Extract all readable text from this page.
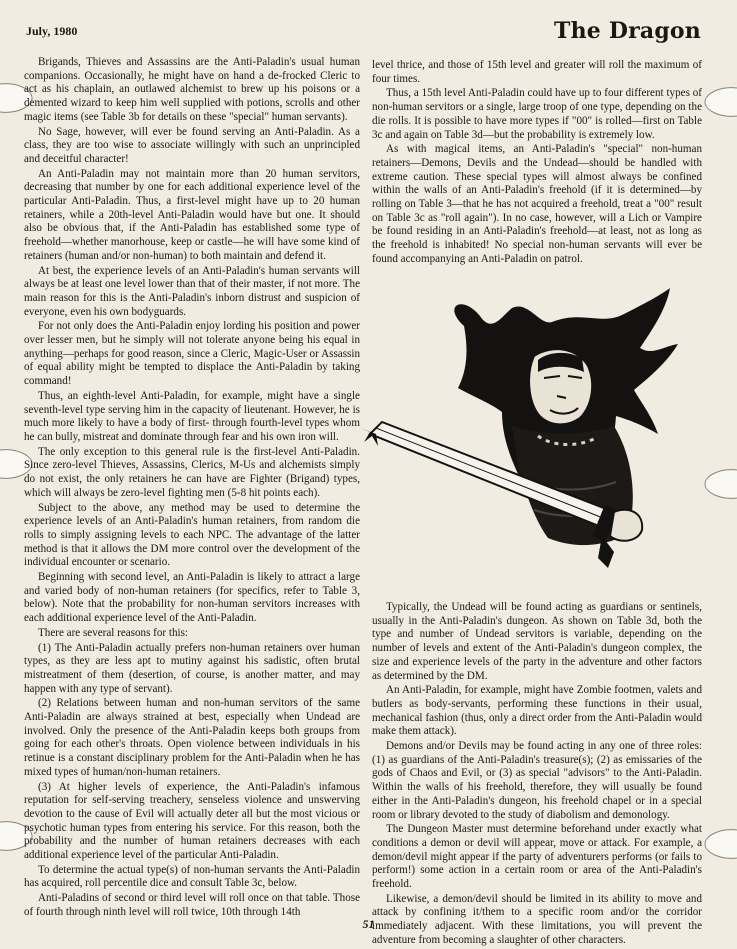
July, 1980	The Dragon

Brigands, Thieves and Assassins are the Anti-Paladin's usual human companions. Occasionally, he might have on hand a de-frocked Cleric to act as his chaplain, an outlawed alchemist to brew up his poisons or a demented wizard to keep him well supplied with potions, scrolls and other magic items (see Table 3b for details on these "special" human servants).

No Sage, however, will ever be found serving an Anti-Paladin. As a class, they are too wise to associate willingly with such an unprincipled and deceitful character!

An Anti-Paladin may not maintain more than 20 human servitors, decreasing that number by one for each additional experience level of the particular Anti-Paladin. Thus, a first-level might have up to 20 human retainers, while a 20th-level Anti-Paladin would have but one. It should also be obvious that, if the Anti-Paladin has established some type of freehold—whether manorhouse, keep or castle—he will have some kind of retainers (human and/or non-human) to both maintain and defend it.

At best, the experience levels of an Anti-Paladin's human servants will always be at least one level lower than that of their master, if not more. The main reason for this is the Anti-Paladin's inborn distrust and suspicion of everyone, even his own bodyguards.

For not only does the Anti-Paladin enjoy lording his position and power over lesser men, but he simply will not tolerate anyone being his equal in anything—perhaps for good reason, since a Cleric, Magic-User or Assassin of equal ability might be tempted to displace the Anti-Paladin by taking command!

Thus, an eighth-level Anti-Paladin, for example, might have a single seventh-level type serving him in the capacity of lieutenant. However, he is much more likely to have a body of first- through fourth-level types whom he can bully, mistreat and dominate through fear and his own iron will.

The only exception to this general rule is the first-level Anti-Paladin. Since zero-level Thieves, Assassins, Clerics, M-Us and alchemists simply do not exist, the only retainers he can have are Fighter (Brigand) types, which will always be zero-level fighting men (5-8 hit points each).

Subject to the above, any method may be used to determine the experience levels of an Anti-Paladin's human retainers, from random die rolls to simply assigning levels to each NPC. The advantage of the latter method is that it allows the DM more control over the development of the individual encounter or scenario.

Beginning with second level, an Anti-Paladin is likely to attract a large and varied body of non-human retainers (for specifics, refer to Table 3, below). Note that the probability for non-human servitors increases with each additional experience level of the Anti-Paladin.

There are several reasons for this:

(1) The Anti-Paladin actually prefers non-human retainers over human types, as they are less apt to mutiny against his sadistic, often brutal mistreatment of them (desertion, of course, is another matter, and may happen with any type of servant).

(2) Relations between human and non-human servitors of the same Anti-Paladin are always strained at best, especially when Undead are involved. Only the presence of the Anti-Paladin keeps both groups from going for each other's throats. Open violence between individuals in his retinue is a constant disciplinary problem for the Anti-Paladin when he has mixed types of human/non-human retainers.

(3) At higher levels of experience, the Anti-Paladin's infamous reputation for self-serving treachery, senseless violence and unswerving devotion to the cause of Evil will actually deter all but the most vicious or psychotic human types from entering his service. For this reason, both the probability and the number of human retainers decreases with each additional experience level of the particular Anti-Paladin.

To determine the actual type(s) of non-human servants the Anti-Paladin has acquired, roll percentile dice and consult Table 3c, below.

Anti-Paladins of second or third level will roll once on that table. Those of fourth through ninth level will roll twice, 10th through 14th

level thrice, and those of 15th level and greater will roll the maximum of four times.

Thus, a 15th level Anti-Paladin could have up to four different types of non-human servitors or a single, large troop of one type, depending on the die rolls. It is possible to have more types if "00" is rolled—first on Table 3c and again on Table 3d—but the probability is extremely low.

As with magical items, an Anti-Paladin's "special" non-human retainers—Demons, Devils and the Undead—should be handled with extreme caution. These special types will almost always be confined within the walls of an Anti-Paladin's freehold (if it is determined—by rolling on Table 3—that he has not acquired a freehold, treat a "00" result on Table 3c as "roll again"). In no case, however, will a Lich or Vampire be found residing in an Anti-Paladin's freehold—at least, not as long as the freehold is inhabited! No special non-human servants will ever be found accompanying an Anti-Paladin on patrol.

Typically, the Undead will be found acting as guardians or sentinels, usually in the Anti-Paladin's dungeon. As shown on Table 3d, both the type and number of Undead servitors is variable, depending on the number of levels and extent of the Anti-Paladin's dungeon complex, the size and experience levels of the party in the adventure and other factors as determined by the DM.

An Anti-Paladin, for example, might have Zombie footmen, valets and butlers as body-servants, performing these functions in their usual, mechanical fashion (thus, only a direct order from the Anti-Paladin would make them attack).

Demons and/or Devils may be found acting in any one of three roles: (1) as guardians of the Anti-Paladin's treasure(s); (2) as emissaries of the gods of Chaos and Evil, or (3) as special "advisors" to the Anti-Paladin. Within the walls of his freehold, therefore, they will usually be found either in the Anti-Paladin's dungeon, his freehold chapel or in a special room or library devoted to the study of diabolism and demonology.

The Dungeon Master must determine beforehand under exactly what conditions a demon or devil will appear, move or attack. For example, a demon/devil might appear if the party of adventurers performs (or fails to perform!) some action in a certain room or area of the Anti-Paladin's freehold.

Likewise, a demon/devil should be limited in its ability to move and attack by confining it/them to a specific room and/or the corridor immediately adjacent. With these limitations, you will prevent the adventure from becoming a slaughter of other characters.

51
